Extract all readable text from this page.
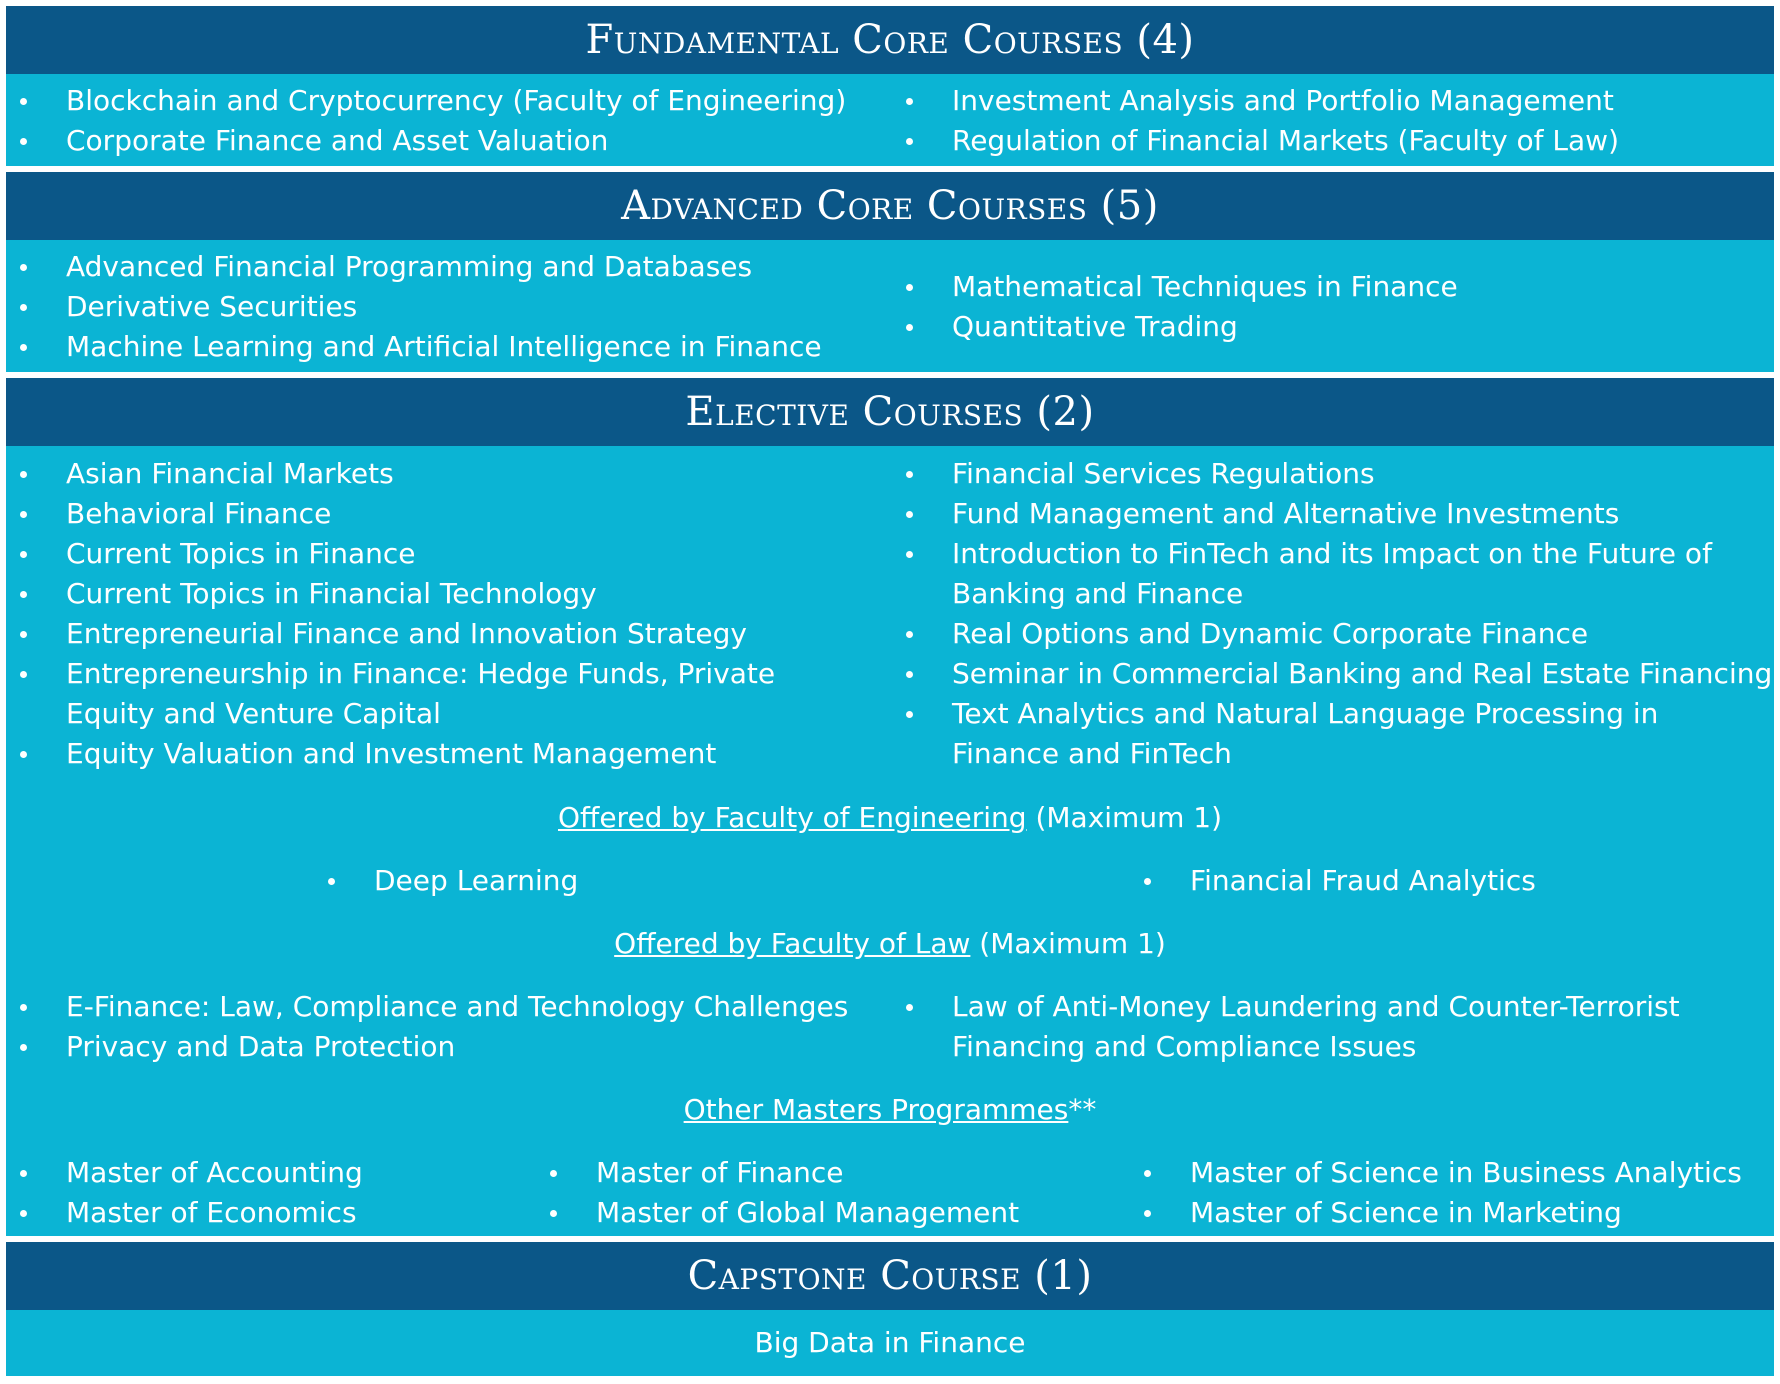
Fundamental Core Courses (4)
Blockchain and Cryptocurrency (Faculty of Engineering)
Corporate Finance and Asset Valuation
Investment Analysis and Portfolio Management
Regulation of Financial Markets (Faculty of Law)
Advanced Core Courses (5)
Advanced Financial Programming and Databases
Derivative Securities
Machine Learning and Artificial Intelligence in Finance
Mathematical Techniques in Finance
Quantitative Trading
Elective Courses (2)
Asian Financial Markets
Behavioral Finance
Current Topics in Finance
Current Topics in Financial Technology
Entrepreneurial Finance and Innovation Strategy
Entrepreneurship in Finance: Hedge Funds, Private Equity and Venture Capital
Equity Valuation and Investment Management
Financial Services Regulations
Fund Management and Alternative Investments
Introduction to FinTech and its Impact on the Future of Banking and Finance
Real Options and Dynamic Corporate Finance
Seminar in Commercial Banking and Real Estate Financing
Text Analytics and Natural Language Processing in Finance and FinTech
Offered by Faculty of Engineering (Maximum 1)
Deep Learning	Financial Fraud Analytics
Offered by Faculty of Law (Maximum 1)
E-Finance: Law, Compliance and Technology Challenges
Privacy and Data Protection
Law of Anti-Money Laundering and Counter-Terrorist Financing and Compliance Issues
Other Masters Programmes**
Master of Accounting
Master of Economics
Master of Finance
Master of Global Management
Master of Science in Business Analytics
Master of Science in Marketing
Capstone Course (1)
Big Data in Finance
